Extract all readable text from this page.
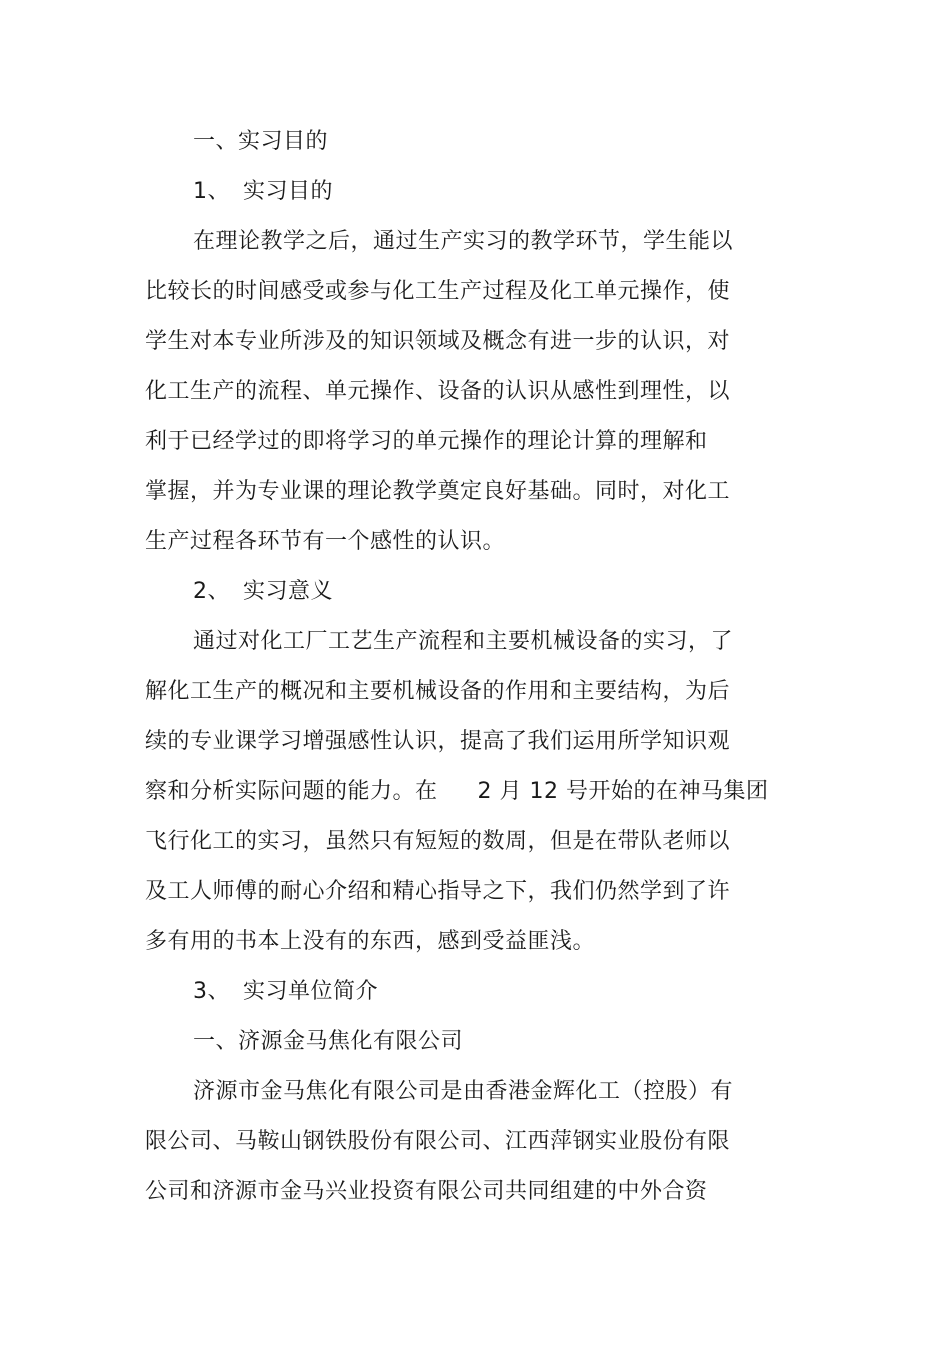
一、实习目的
1、 实习目的
在理论教学之后，通过生产实习的教学环节，学生能以
比较长的时间感受或参与化工生产过程及化工单元操作，使
学生对本专业所涉及的知识领域及概念有进一步的认识，对
化工生产的流程、单元操作、设备的认识从感性到理性，以
利于已经学过的即将学习的单元操作的理论计算的理解和
掌握，并为专业课的理论教学奠定良好基础。同时，对化工
生产过程各环节有一个感性的认识。
2、 实习意义
通过对化工厂工艺生产流程和主要机械设备的实习，了
解化工生产的概况和主要机械设备的作用和主要结构，为后
续的专业课学习增强感性认识，提高了我们运用所学知识观
察和分析实际问题的能力。在 2 月 12 号开始的在神马集团
飞行化工的实习，虽然只有短短的数周，但是在带队老师以
及工人师傅的耐心介绍和精心指导之下，我们仍然学到了许
多有用的书本上没有的东西，感到受益匪浅。
3、 实习单位简介
一、济源金马焦化有限公司
济源市金马焦化有限公司是由香港金辉化工（控股）有
限公司、马鞍山钢铁股份有限公司、江西萍钢实业股份有限
公司和济源市金马兴业投资有限公司共同组建的中外合资
